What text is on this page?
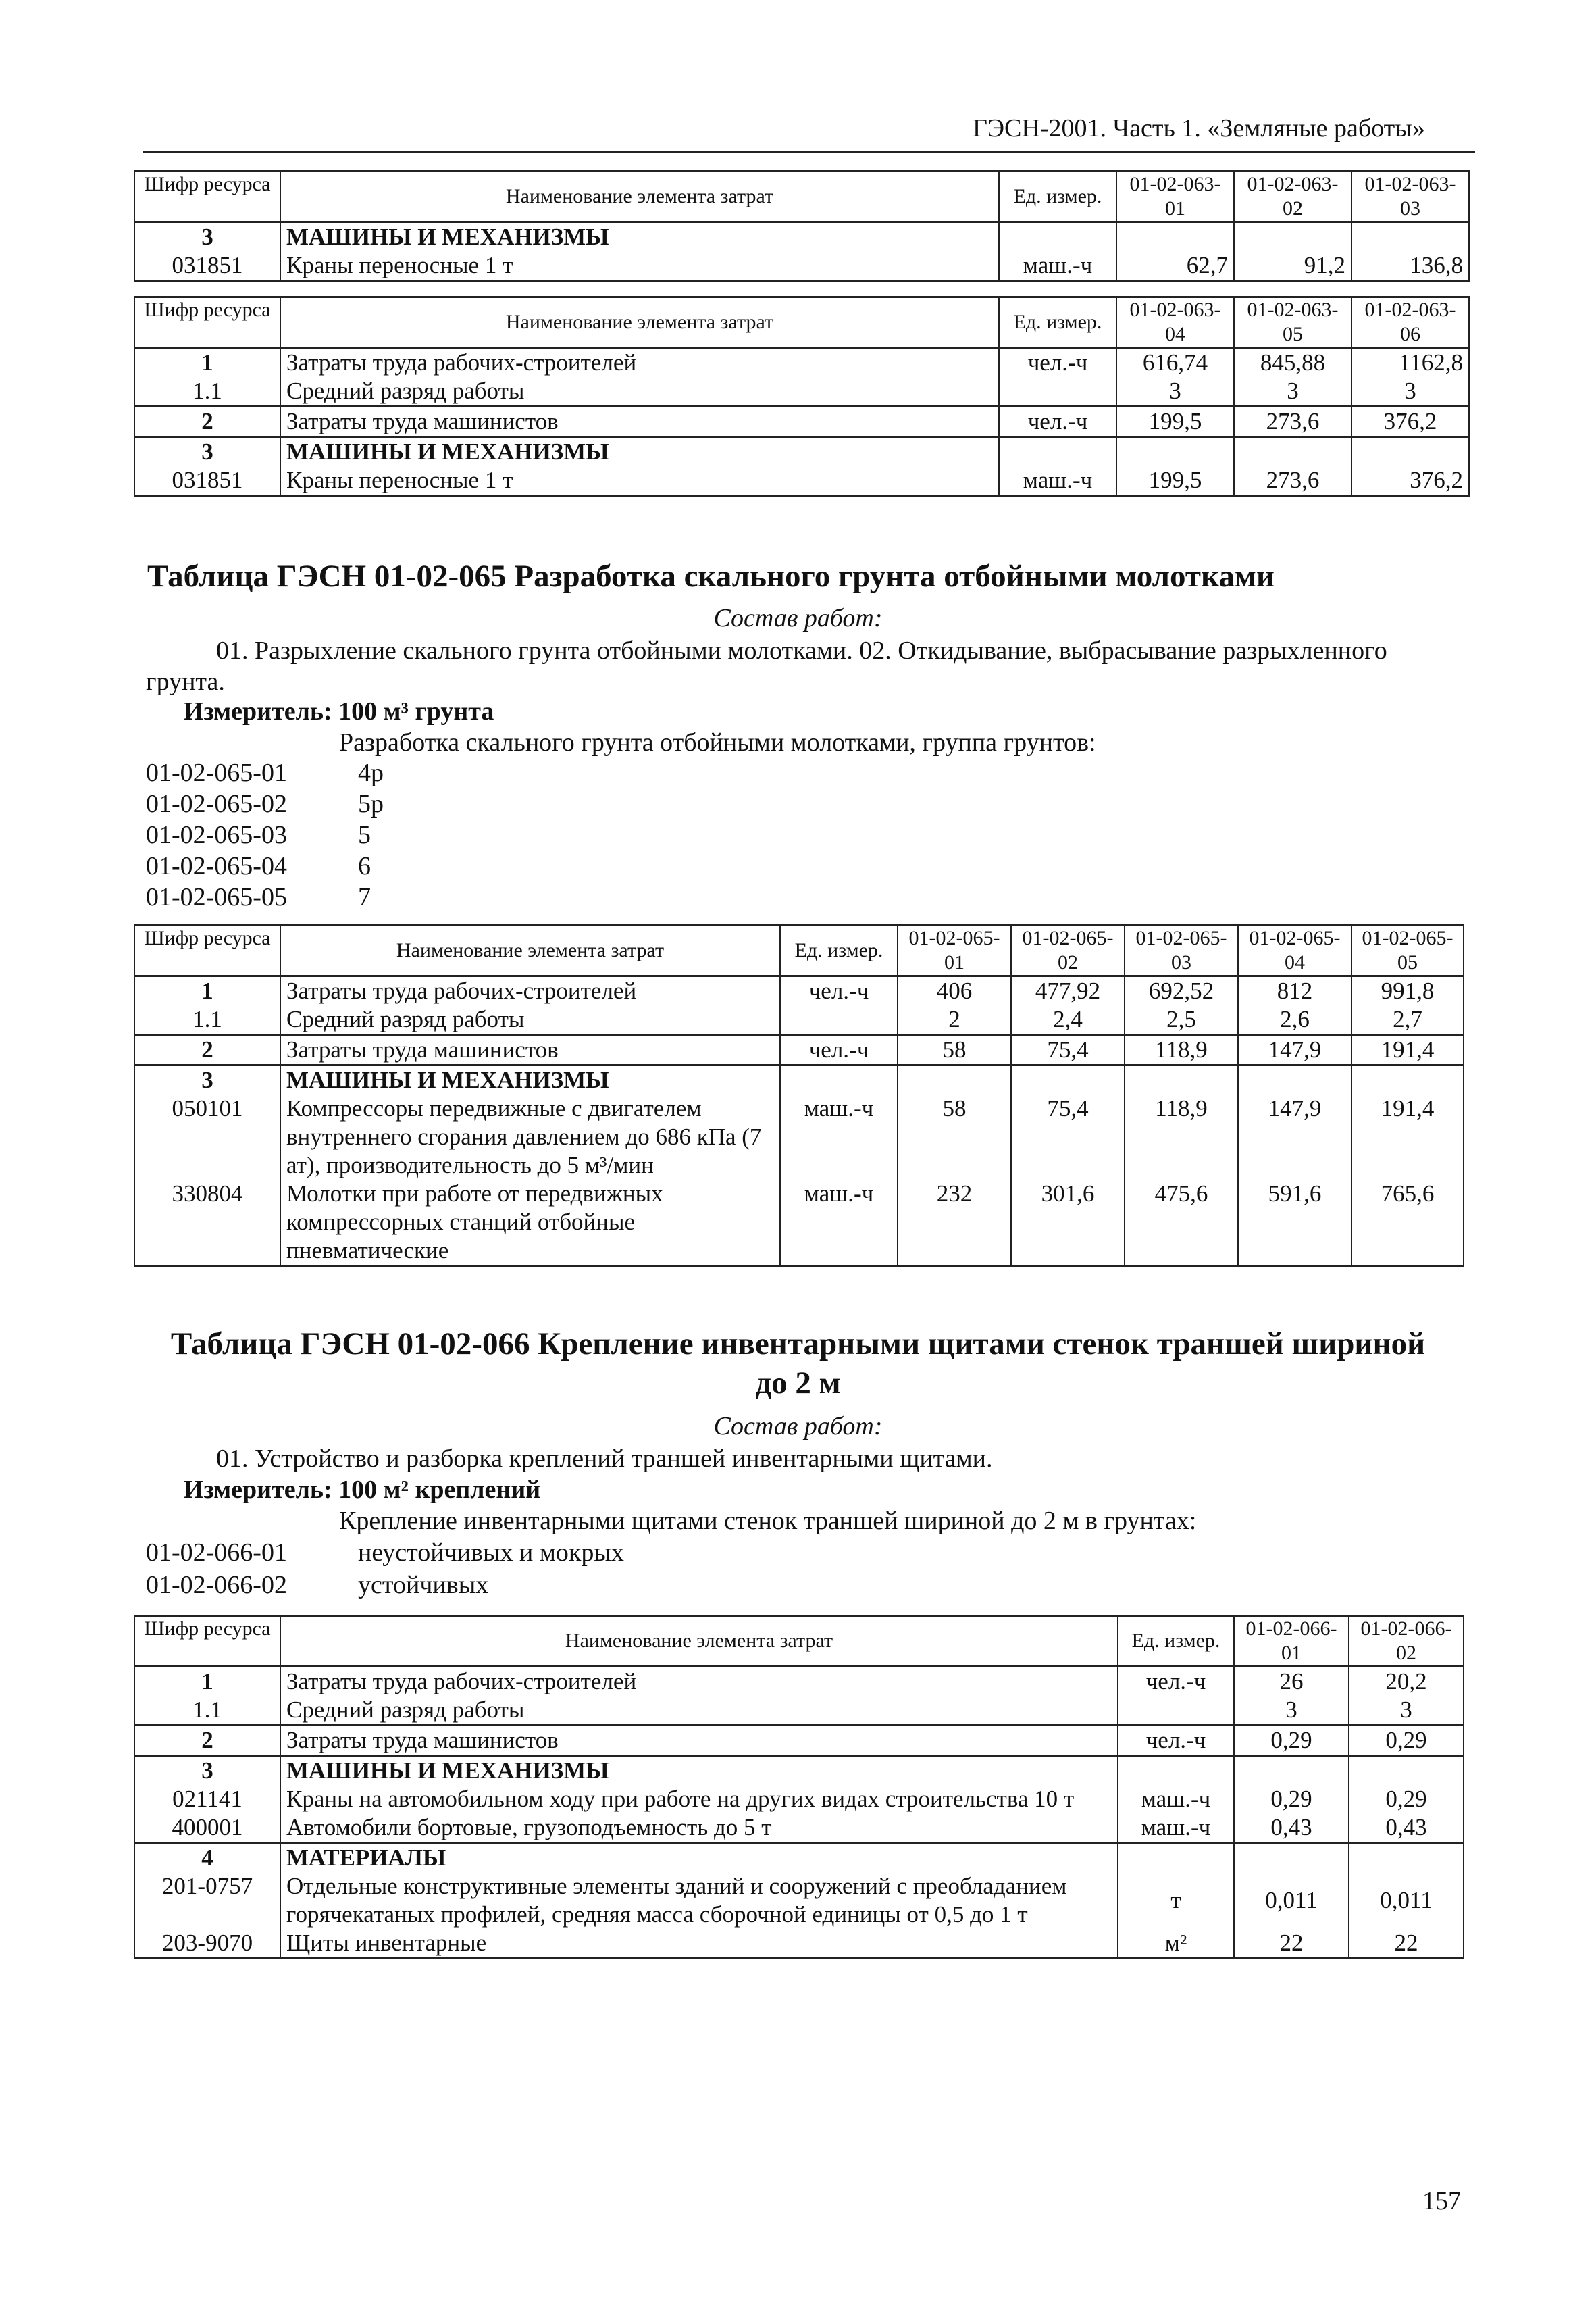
ГЭСН-2001. Часть 1. «Земляные работы»
Шифр ресурса	Наименование элемента затрат	Ед. измер.	01-02-063-01	01-02-063-02	01-02-063-03
3	МАШИНЫ И МЕХАНИЗМЫ				
031851	Краны переносные 1 т	маш.-ч	62,7	91,2	136,8
Шифр ресурса	Наименование элемента затрат	Ед. измер.	01-02-063-04	01-02-063-05	01-02-063-06
1	Затраты труда рабочих-строителей	чел.-ч	616,74	845,88	1162,8
1.1	Средний разряд работы		3	3	3
2	Затраты труда машинистов	чел.-ч	199,5	273,6	376,2
3	МАШИНЫ И МЕХАНИЗМЫ				
031851	Краны переносные 1 т	маш.-ч	199,5	273,6	376,2
Таблица ГЭСН 01-02-065 Разработка скального грунта отбойными молотками
Состав работ:
01. Разрыхление скального грунта отбойными молотками. 02. Откидывание, выбрасывание разрыхленного грунта.
Измеритель: 100 м³ грунта
Разработка скального грунта отбойными молотками, группа грунтов:
01-02-065-01	4р
01-02-065-02	5р
01-02-065-03	5
01-02-065-04	6
01-02-065-05	7
Шифр ресурса	Наименование элемента затрат	Ед. измер.	01-02-065-01	01-02-065-02	01-02-065-03	01-02-065-04	01-02-065-05
1	Затраты труда рабочих-строителей	чел.-ч	406	477,92	692,52	812	991,8
1.1	Средний разряд работы		2	2,4	2,5	2,6	2,7
2	Затраты труда машинистов	чел.-ч	58	75,4	118,9	147,9	191,4
3	МАШИНЫ И МЕХАНИЗМЫ						
050101	Компрессоры передвижные с двигателем внутреннего сгорания давлением до 686 кПа (7 ат), производительность до 5 м³/мин	маш.-ч	58	75,4	118,9	147,9	191,4
330804	Молотки при работе от передвижных компрессорных станций отбойные пневматические	маш.-ч	232	301,6	475,6	591,6	765,6
Таблица ГЭСН 01-02-066 Крепление инвентарными щитами стенок траншей шириной
до 2 м
Состав работ:
01. Устройство и разборка креплений траншей инвентарными щитами.
Измеритель: 100 м² креплений
Крепление инвентарными щитами стенок траншей шириной до 2 м в грунтах:
01-02-066-01	неустойчивых и мокрых
01-02-066-02	устойчивых
Шифр ресурса	Наименование элемента затрат	Ед. измер.	01-02-066-01	01-02-066-02
1	Затраты труда рабочих-строителей	чел.-ч	26	20,2
1.1	Средний разряд работы		3	3
2	Затраты труда машинистов	чел.-ч	0,29	0,29
3	МАШИНЫ И МЕХАНИЗМЫ			
021141	Краны на автомобильном ходу при работе на других видах строительства 10 т	маш.-ч	0,29	0,29
400001	Автомобили бортовые, грузоподъемность до 5 т	маш.-ч	0,43	0,43
4	МАТЕРИАЛЫ			
201-0757	Отдельные конструктивные элементы зданий и сооружений с преобладанием горячекатаных профилей, средняя масса сборочной единицы от 0,5 до 1 т	т	0,011	0,011
203-9070	Щиты инвентарные	м²	22	22
157
